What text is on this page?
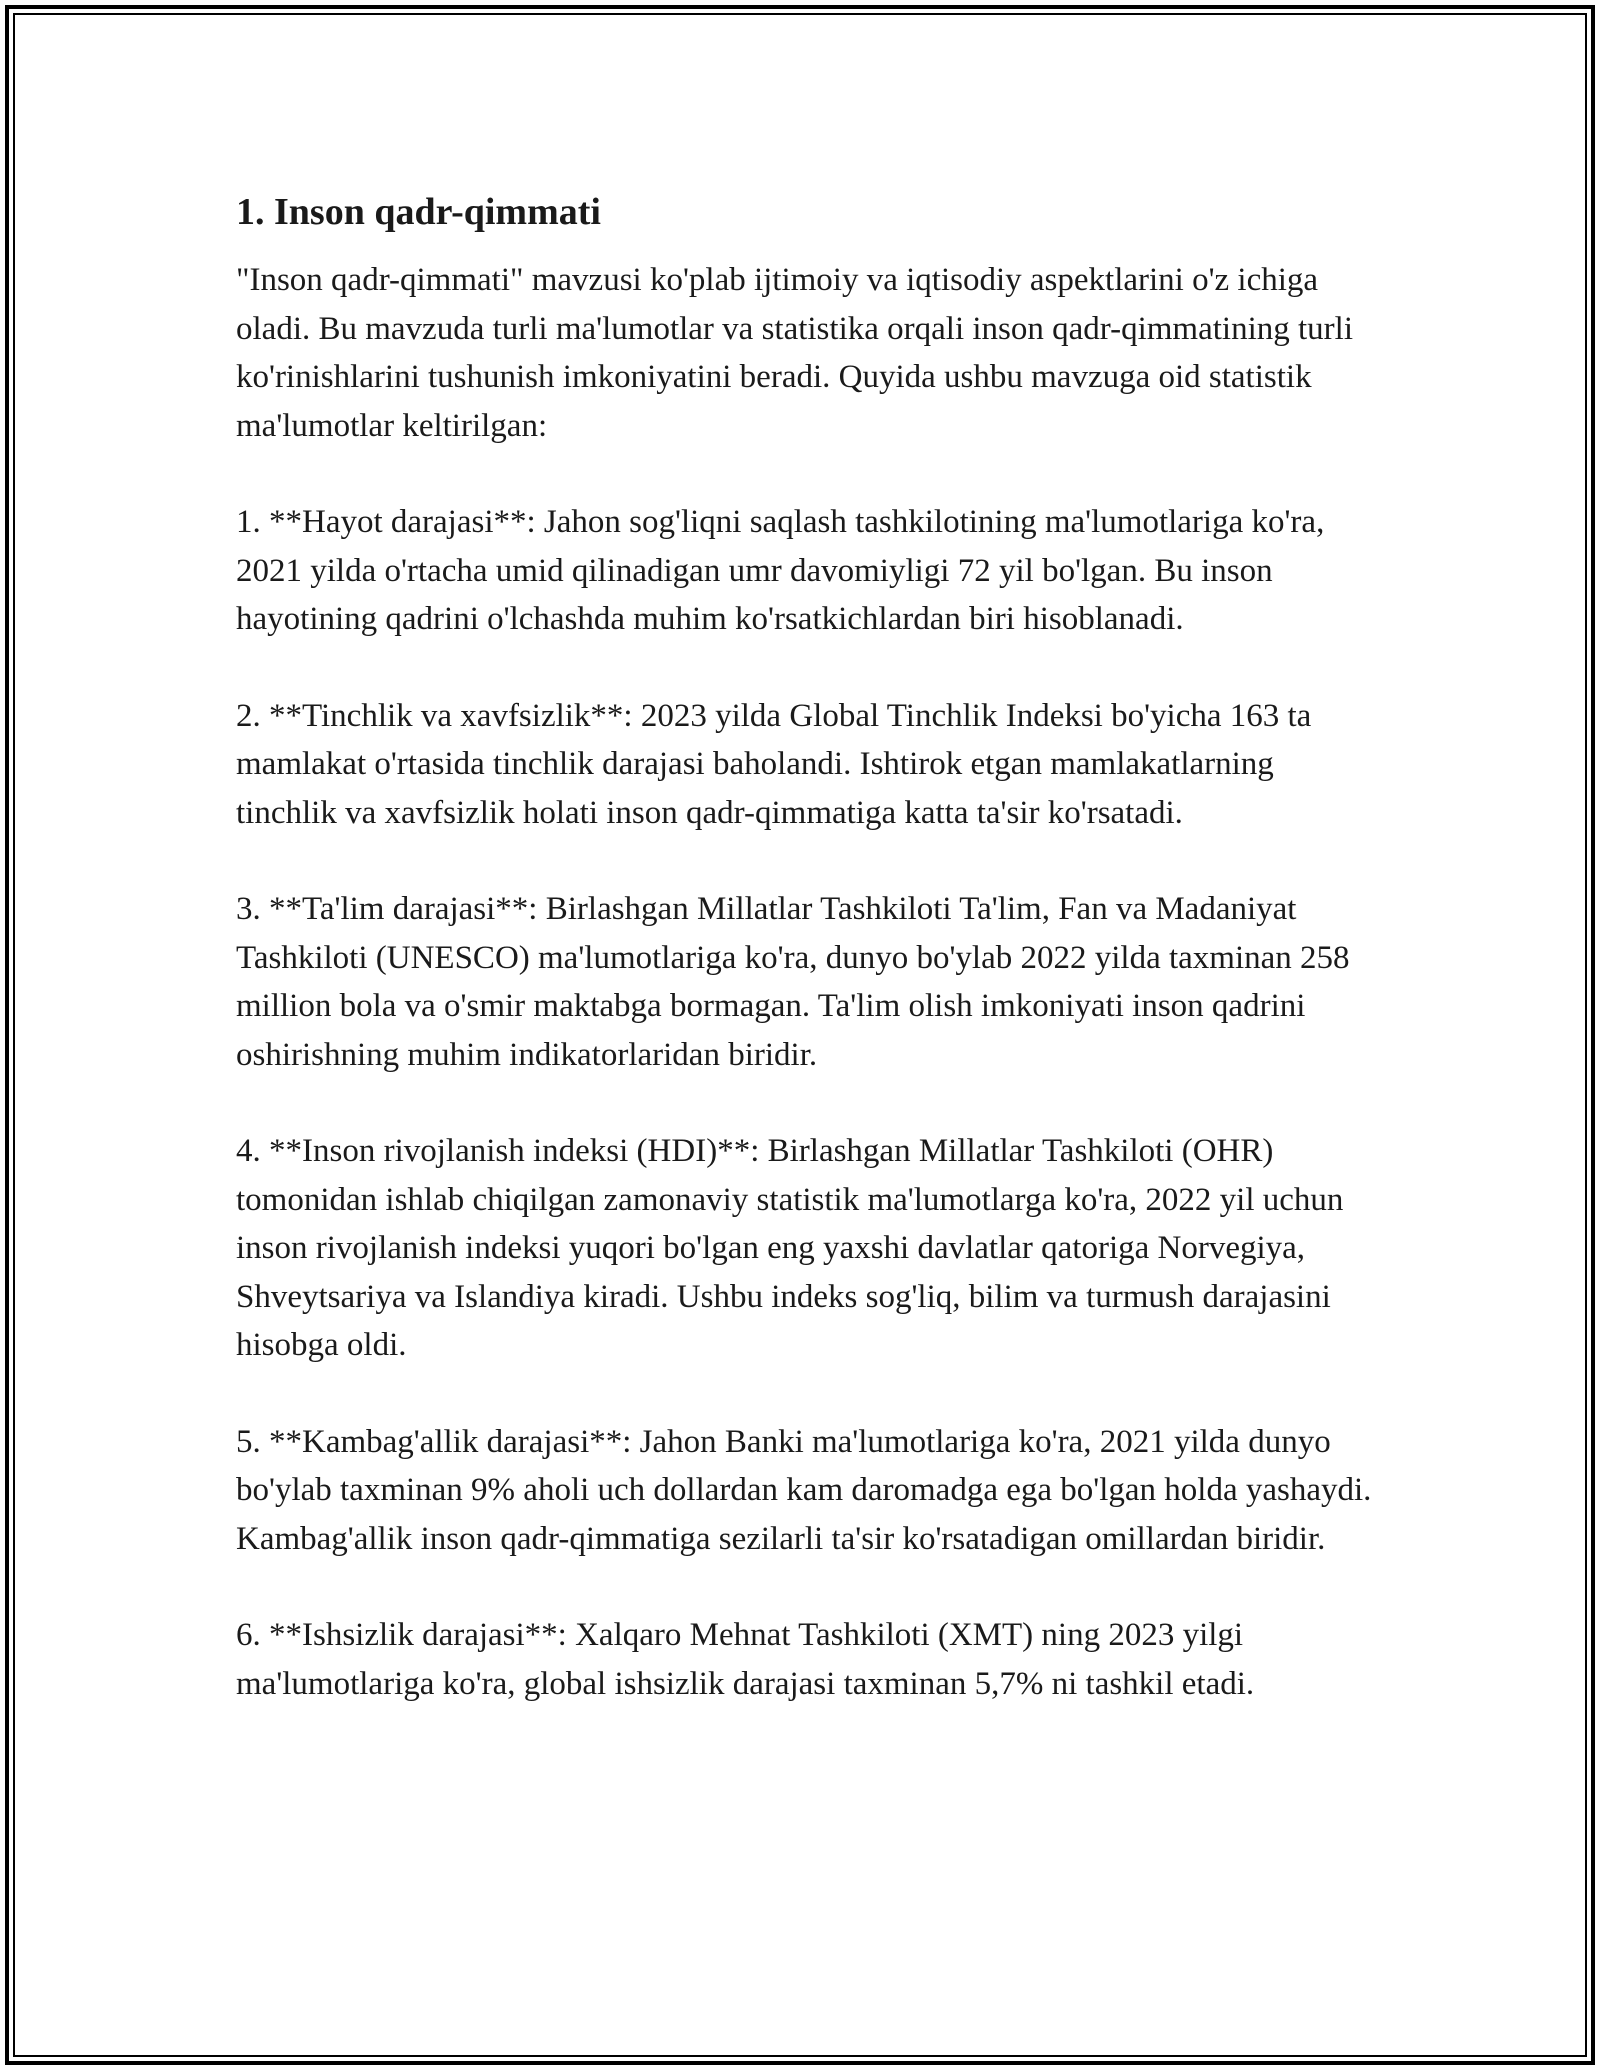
1. Inson qadr-qimmati

"Inson qadr-qimmati" mavzusi ko'plab ijtimoiy va iqtisodiy aspektlarini o'z ichiga oladi. Bu mavzuda turli ma'lumotlar va statistika orqali inson qadr-qimmatining turli ko'rinishlarini tushunish imkoniyatini beradi. Quyida ushbu mavzuga oid statistik ma'lumotlar keltirilgan:

1. **Hayot darajasi**: Jahon sog'liqni saqlash tashkilotining ma'lumotlariga ko'ra, 2021 yilda o'rtacha umid qilinadigan umr davomiyligi 72 yil bo'lgan. Bu inson hayotining qadrini o'lchashda muhim ko'rsatkichlardan biri hisoblanadi.

2. **Tinchlik va xavfsizlik**: 2023 yilda Global Tinchlik Indeksi bo'yicha 163 ta mamlakat o'rtasida tinchlik darajasi baholandi. Ishtirok etgan mamlakatlarning tinchlik va xavfsizlik holati inson qadr-qimmatiga katta ta'sir ko'rsatadi.

3. **Ta'lim darajasi**: Birlashgan Millatlar Tashkiloti Ta'lim, Fan va Madaniyat Tashkiloti (UNESCO) ma'lumotlariga ko'ra, dunyo bo'ylab 2022 yilda taxminan 258 million bola va o'smir maktabga bormagan. Ta'lim olish imkoniyati inson qadrini oshirishning muhim indikatorlaridan biridir.

4. **Inson rivojlanish indeksi (HDI)**: Birlashgan Millatlar Tashkiloti (OHR) tomonidan ishlab chiqilgan zamonaviy statistik ma'lumotlarga ko'ra, 2022 yil uchun inson rivojlanish indeksi yuqori bo'lgan eng yaxshi davlatlar qatoriga Norvegiya, Shveytsariya va Islandiya kiradi. Ushbu indeks sog'liq, bilim va turmush darajasini hisobga oldi.

5. **Kambag'allik darajasi**: Jahon Banki ma'lumotlariga ko'ra, 2021 yilda dunyo bo'ylab taxminan 9% aholi uch dollardan kam daromadga ega bo'lgan holda yashaydi. Kambag'allik inson qadr-qimmatiga sezilarli ta'sir ko'rsatadigan omillardan biridir.

6. **Ishsizlik darajasi**: Xalqaro Mehnat Tashkiloti (XMT) ning 2023 yilgi ma'lumotlariga ko'ra, global ishsizlik darajasi taxminan 5,7% ni tashkil etadi.
